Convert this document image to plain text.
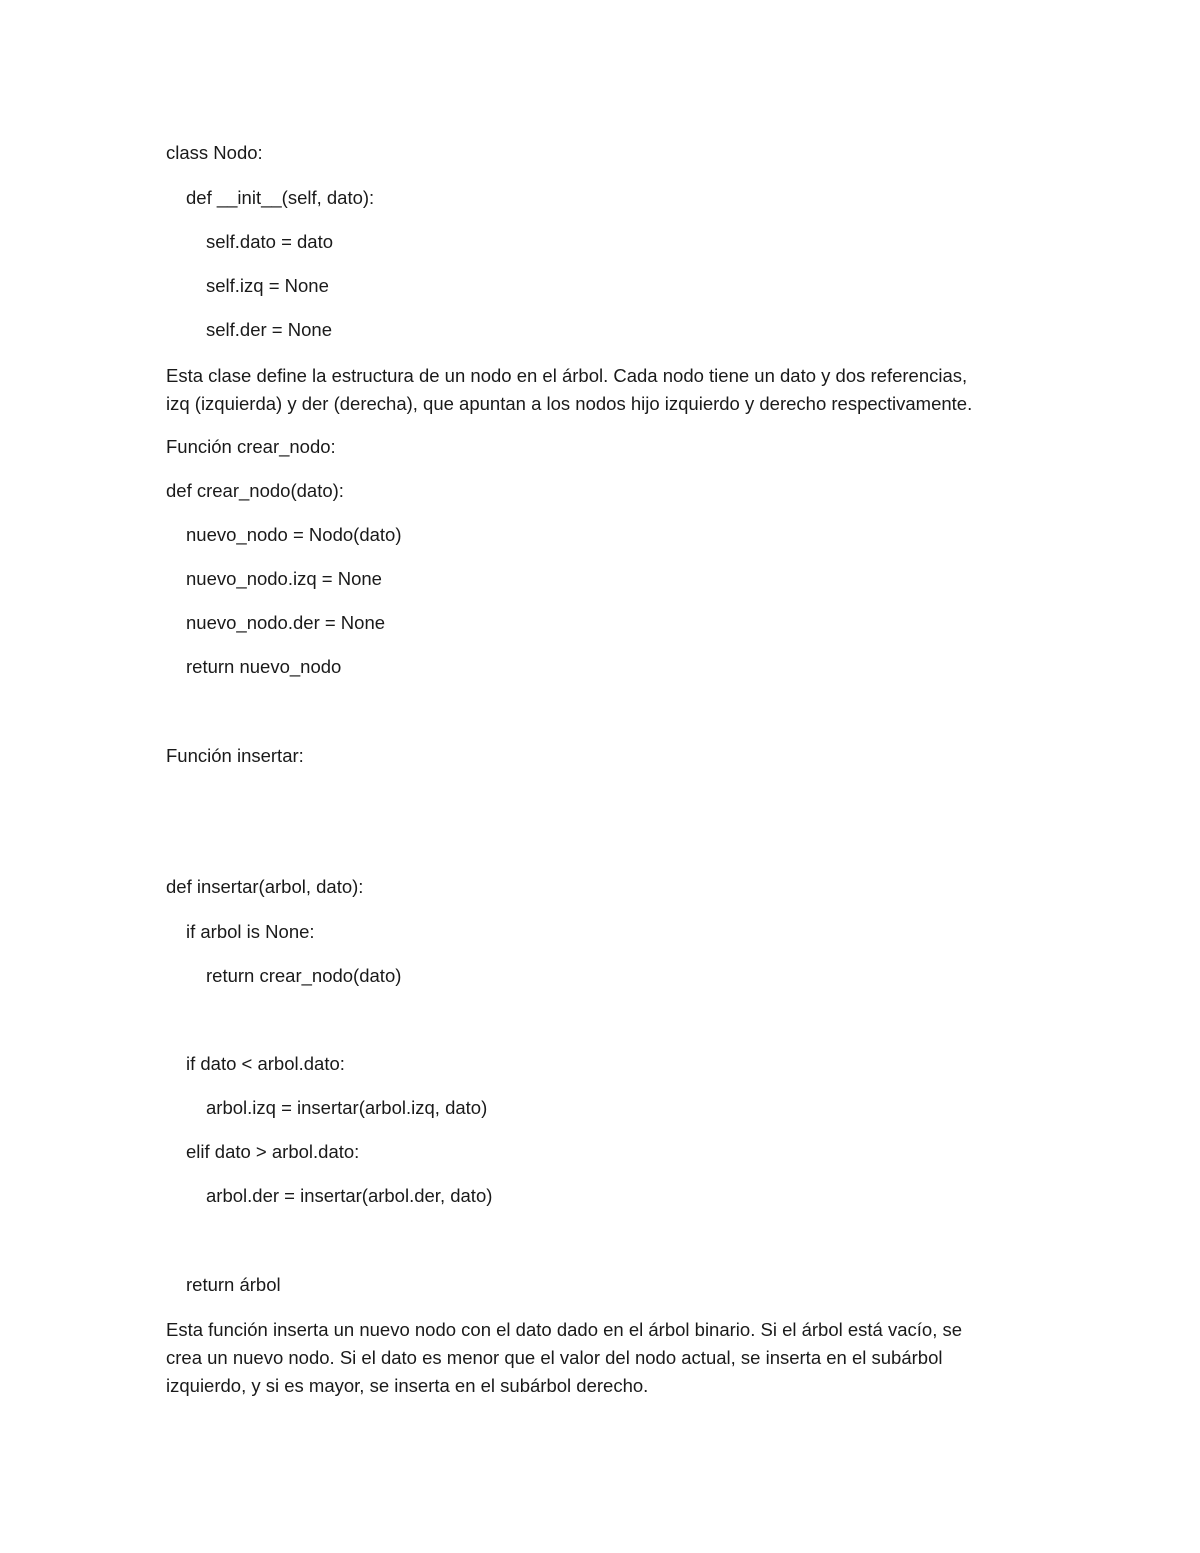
class Nodo:

def __init__(self, dato):

self.dato = dato

self.izq = None

self.der = None

Esta clase define la estructura de un nodo en el árbol. Cada nodo tiene un dato y dos referencias,

izq (izquierda) y der (derecha), que apuntan a los nodos hijo izquierdo y derecho respectivamente.

Función crear_nodo:

def crear_nodo(dato):

nuevo_nodo = Nodo(dato)

nuevo_nodo.izq = None

nuevo_nodo.der = None

return nuevo_nodo

Función insertar:

def insertar(arbol, dato):

if arbol is None:

return crear_nodo(dato)

if dato < arbol.dato:

arbol.izq = insertar(arbol.izq, dato)

elif dato > arbol.dato:

arbol.der = insertar(arbol.der, dato)

return árbol

Esta función inserta un nuevo nodo con el dato dado en el árbol binario. Si el árbol está vacío, se

crea un nuevo nodo. Si el dato es menor que el valor del nodo actual, se inserta en el subárbol

izquierdo, y si es mayor, se inserta en el subárbol derecho.
